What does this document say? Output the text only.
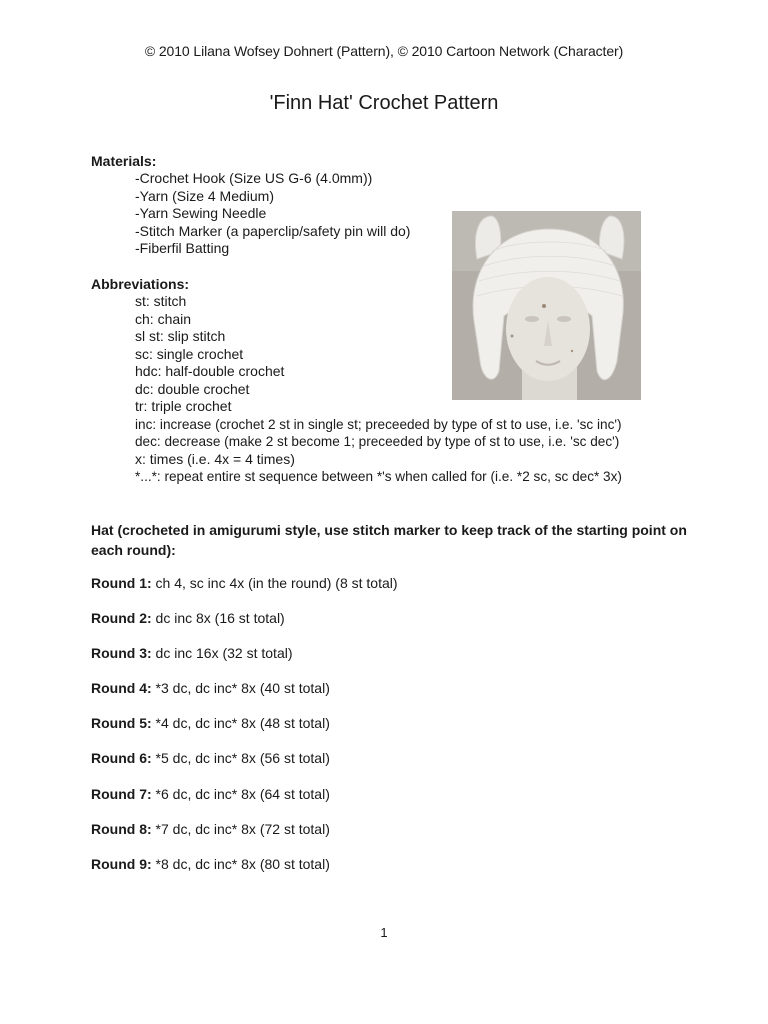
© 2010 Lilana Wofsey Dohnert (Pattern), © 2010 Cartoon Network (Character)
'Finn Hat' Crochet Pattern
Materials:
-Crochet Hook (Size US G-6 (4.0mm))
-Yarn (Size 4 Medium)
-Yarn Sewing Needle
-Stitch Marker (a paperclip/safety pin will do)
-Fiberfil Batting
Abbreviations:
st: stitch
ch: chain
sl st: slip stitch
sc: single crochet
hdc: half-double crochet
dc: double crochet
tr: triple crochet
inc: increase (crochet 2 st in single st; preceeded by type of st to use, i.e. 'sc inc')
dec: decrease (make 2 st become 1; preceeded by type of st to use, i.e. 'sc dec')
x: times (i.e. 4x = 4 times)
*...*: repeat entire st sequence between *'s when called for (i.e. *2 sc, sc dec* 3x)
Hat (crocheted in amigurumi style, use stitch marker to keep track of the starting point on each round):
Round 1: ch 4, sc inc 4x (in the round) (8 st total)
Round 2: dc inc 8x (16 st total)
Round 3: dc inc 16x (32 st total)
Round 4: *3 dc, dc inc* 8x (40 st total)
Round 5: *4 dc, dc inc* 8x (48 st total)
Round 6: *5 dc, dc inc* 8x (56 st total)
Round 7: *6 dc, dc inc* 8x (64 st total)
Round 8: *7 dc, dc inc* 8x (72 st total)
Round 9: *8 dc, dc inc* 8x (80 st total)
1
